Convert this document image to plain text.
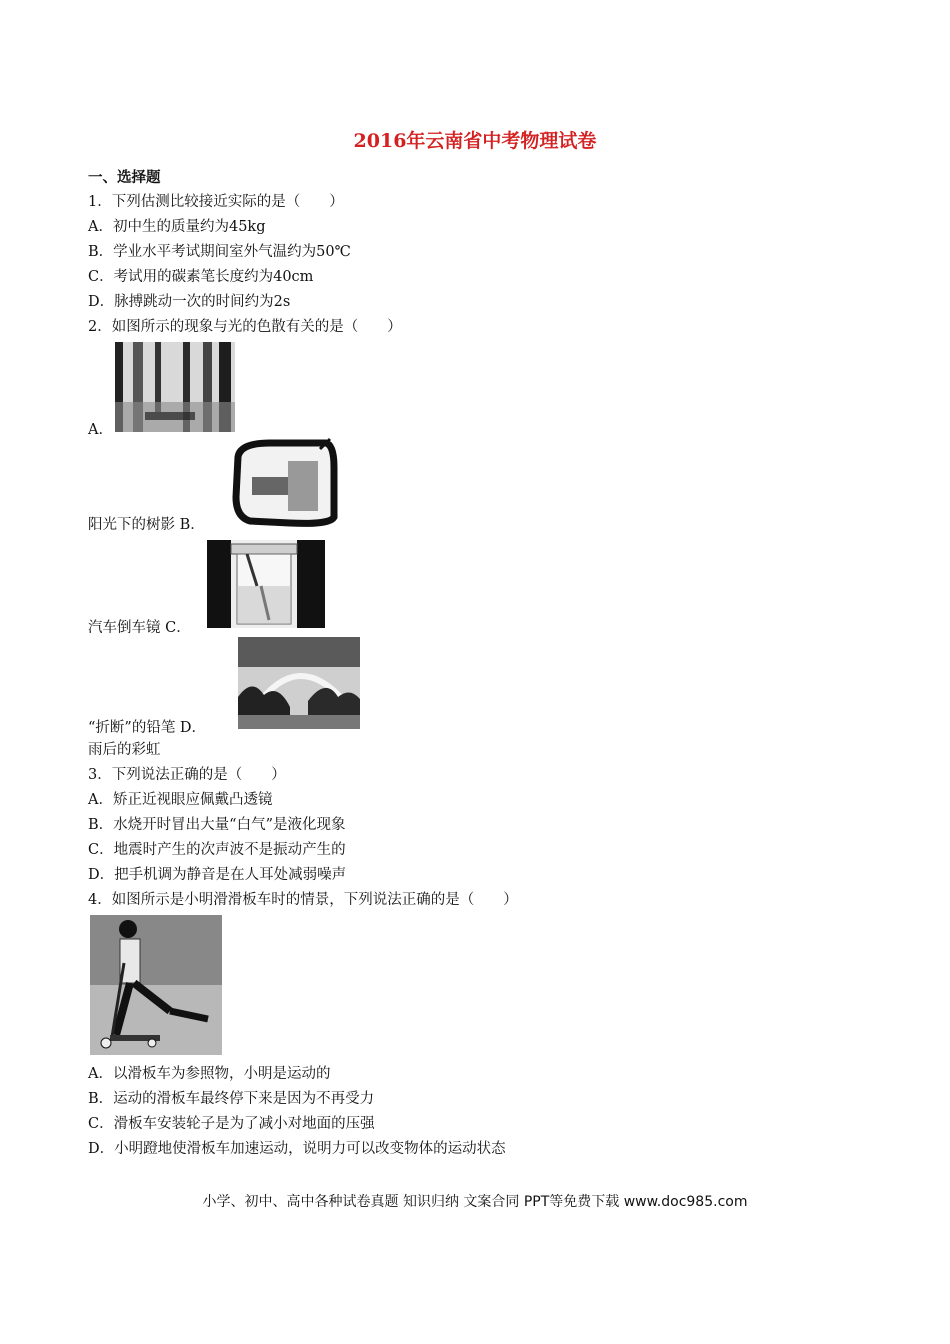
2016年云南省中考物理试卷
一、选择题
1．下列估测比较接近实际的是（　　）
A．初中生的质量约为45kg
B．学业水平考试期间室外气温约为50℃
C．考试用的碳素笔长度约为40cm
D．脉搏跳动一次的时间约为2s
2．如图所示的现象与光的色散有关的是（　　）
A．
阳光下的树影 B．
汽车倒车镜 C．
“折断”的铅笔 D．
雨后的彩虹
3．下列说法正确的是（　　）
A．矫正近视眼应佩戴凸透镜
B．水烧开时冒出大量“白气”是液化现象
C．地震时产生的次声波不是振动产生的
D．把手机调为静音是在人耳处减弱噪声
4．如图所示是小明滑滑板车时的情景，下列说法正确的是（　　）
A．以滑板车为参照物，小明是运动的
B．运动的滑板车最终停下来是因为不再受力
C．滑板车安装轮子是为了减小对地面的压强
D．小明蹬地使滑板车加速运动，说明力可以改变物体的运动状态
小学、初中、高中各种试卷真题 知识归纳 文案合同 PPT等免费下载 www.doc985.com
